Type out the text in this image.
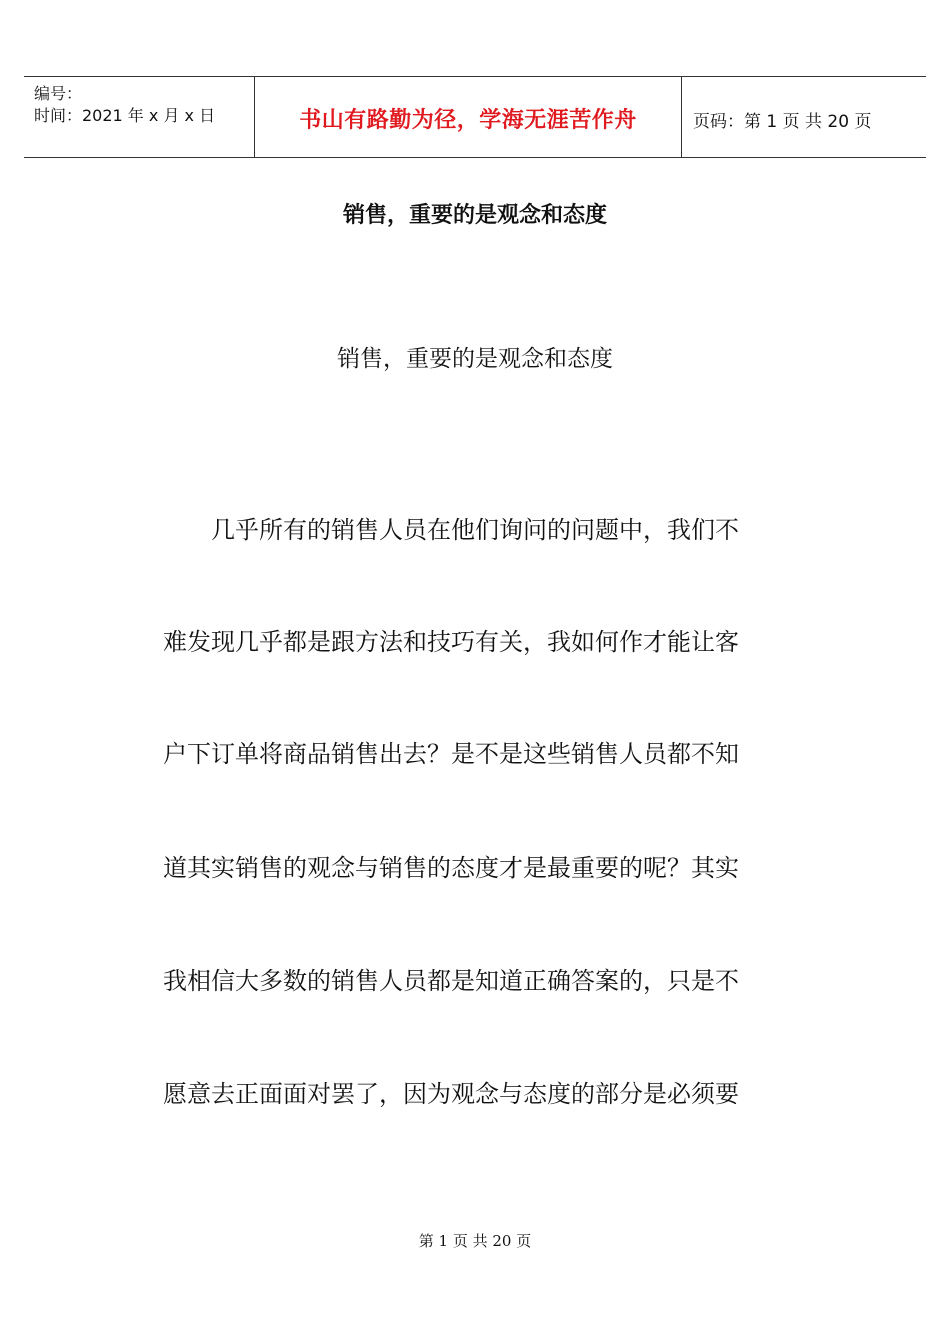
编号：
时间：2021 年 x 月 x 日	书山有路勤为径，学海无涯苦作舟	页码：第 1 页 共 20 页
销售，重要的是观念和态度
销售，重要的是观念和态度
　　几乎所有的销售人员在他们询问的问题中，我们不
难发现几乎都是跟方法和技巧有关，我如何作才能让客
户下订单将商品销售出去？是不是这些销售人员都不知
道其实销售的观念与销售的态度才是最重要的呢？其实
我相信大多数的销售人员都是知道正确答案的，只是不
愿意去正面面对罢了，因为观念与态度的部分是必须要
第 1 页 共 20 页
